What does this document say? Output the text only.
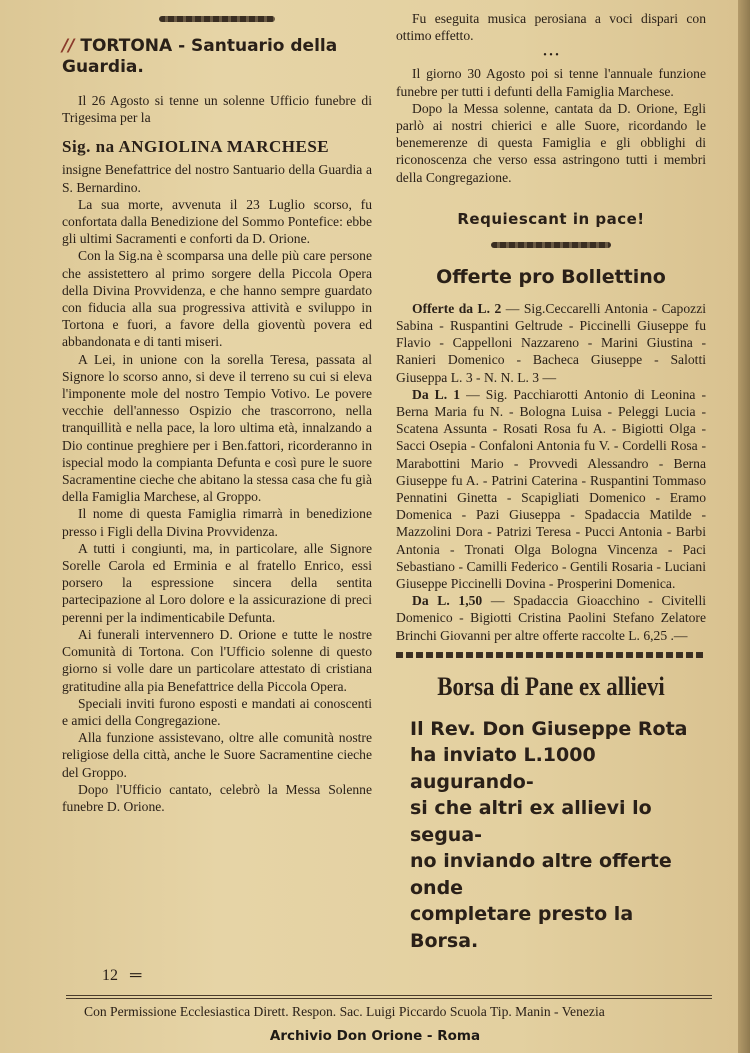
// TORTONA - Santuario della Guardia.

Il 26 Agosto si tenne un solenne Ufficio funebre di Trigesima per la

Sig. na ANGIOLINA MARCHESE

insigne Benefattrice del nostro Santuario della Guardia a S. Bernardino.

La sua morte, avvenuta il 23 Luglio scorso, fu confortata dalla Benedizione del Sommo Pontefice: ebbe gli ultimi Sacramenti e conforti da D. Orione.

Con la Sig.na è scomparsa una delle più care persone che assistettero al primo sorgere della Piccola Opera della Divina Provvidenza, e che hanno sempre guardato con fiducia alla sua progressiva attività e sviluppo in Tortona e fuori, a favore della gioventù povera ed abbandonata e di tanti miseri.

A Lei, in unione con la sorella Teresa, passata al Signore lo scorso anno, si deve il terreno su cui si eleva l'imponente mole del nostro Tempio Votivo. Le povere vecchie dell'annesso Ospizio che trascorrono, nella tranquillità e nella pace, la loro ultima età, innalzando a Dio continue preghiere per i Ben.fattori, ricorderanno in ispecial modo la compianta Defunta e così pure le suore Sacramentine cieche che abitano la stessa casa che fu già della Famiglia Marchese, al Groppo.

Il nome di questa Famiglia rimarrà in benedizione presso i Figli della Divina Provvidenza.

A tutti i congiunti, ma, in particolare, alle Signore Sorelle Carola ed Erminia e al fratello Enrico, essi porsero la espressione sincera della sentita partecipazione al Loro dolore e la assicurazione di preci perenni per la indimenticabile Defunta.

Ai funerali intervennero D. Orione e tutte le nostre Comunità di Tortona. Con l'Ufficio solenne di questo giorno si volle dare un particolare attestato di cristiana gratitudine alla pia Benefattrice della Piccola Opera.

Speciali inviti furono esposti e mandati ai conoscenti e amici della Congregazione.

Alla funzione assistevano, oltre alle comunità nostre religiose della città, anche le Suore Sacramentine cieche del Groppo.

Dopo l'Ufficio cantato, celebrò la Messa Solenne funebre D. Orione.

Fu eseguita musica perosiana a voci dispari con ottimo effetto.

• • •

Il giorno 30 Agosto poi si tenne l'annuale funzione funebre per tutti i defunti della Famiglia Marchese.

Dopo la Messa solenne, cantata da D. Orione, Egli parlò ai nostri chierici e alle Suore, ricordando le benemerenze di questa Famiglia e gli obblighi di riconoscenza che verso essa astringono tutti i membri della Congregazione.

Requiescant in pace!
Offerte pro Bollettino

Offerte da L. 2 — Sig.Ceccarelli Antonia - Capozzi Sabina - Ruspantini Geltrude - Piccinelli Giuseppe fu Flavio - Cappelloni Nazzareno - Marini Giustina - Ranieri Domenico - Bacheca Giuseppe - Salotti Giuseppa L. 3 - N. N. L. 3 —

Da L. 1 — Sig. Pacchiarotti Antonio di Leonina - Berna Maria fu N. - Bologna Luisa - Peleggi Lucia - Scatena Assunta - Rosati Rosa fu A. - Bigiotti Olga - Sacci Osepia - Confaloni Antonia fu V. - Cordelli Rosa - Marabottini Mario - Provvedi Alessandro - Berna Giuseppe fu A. - Patrini Caterina - Ruspantini Tommaso Pennatini Ginetta - Scapigliati Domenico - Eramo Domenica - Pazi Giuseppa - Spadaccia Matilde - Mazzolini Dora - Patrizi Teresa - Pucci Antonia - Barbi Antonia - Tronati Olga Bologna Vincenza - Paci Sebastiano - Camilli Federico - Gentili Rosaria - Luciani Giuseppe Piccinelli Dovina - Prosperini Domenica.

Da L. 1,50 — Spadaccia Gioacchino - Civitelli Domenico - Bigiotti Cristina Paolini Stefano Zelatore Brinchi Giovanni per altre offerte raccolte L. 6,25 .—

Borsa di Pane ex allievi
Il Rev. Don Giuseppe Rota
ha inviato L.1000 augurando-
si che altri ex allievi lo segua-
no inviando altre offerte onde
completare presto la Borsa.
12 ═
Con Permissione Ecclesiastica Dirett. Respon. Sac. Luigi Piccardo Scuola Tip. Manin - Venezia
Archivio Don Orione - Roma
